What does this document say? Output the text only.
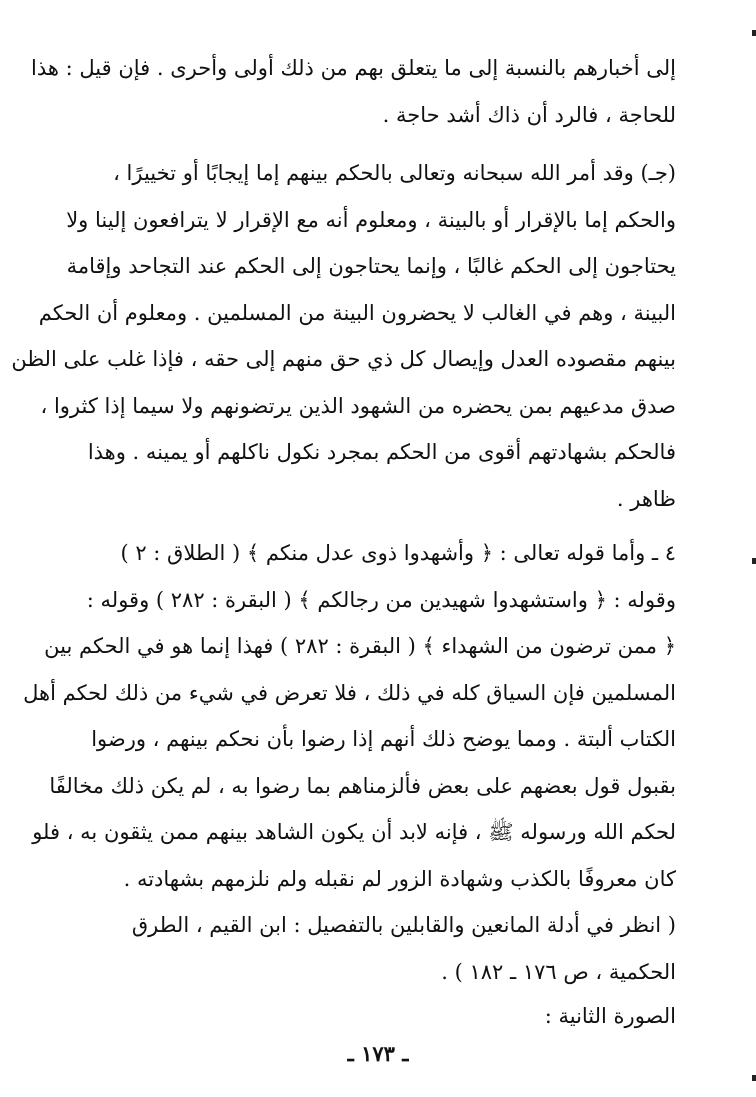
إلى أخبارهم بالنسبة إلى ما يتعلق بهم من ذلك أولى وأحرى . فإن قيل : هذا
للحاجة ، فالرد أن ذاك أشد حاجة .

(جـ) وقد أمر الله سبحانه وتعالى بالحكم بينهم إما إيجابًا أو تخييرًا ،
والحكم إما بالإقرار أو بالبينة ، ومعلوم أنه مع الإقرار لا يترافعون إلينا ولا
يحتاجون إلى الحكم غالبًا ، وإنما يحتاجون إلى الحكم عند التجاحد وإقامة
البينة ، وهم في الغالب لا يحضرون البينة من المسلمين . ومعلوم أن الحكم
بينهم مقصوده العدل وإيصال كل ذي حق منهم إلى حقه ، فإذا غلب على الظن
صدق مدعيهم بمن يحضره من الشهود الذين يرتضونهم ولا سيما إذا كثروا ،
فالحكم بشهادتهم أقوى من الحكم بمجرد نكول ناكلهم أو يمينه . وهذا
ظاهر .

٤ ـ وأما قوله تعالى : ﴿ وأشهدوا ذوى عدل منكم ﴾ ( الطلاق : ٢ )
وقوله : ﴿ واستشهدوا شهيدين من رجالكم ﴾ ( البقرة : ٢٨٢ ) وقوله :
﴿ ممن ترضون من الشهداء ﴾ ( البقرة : ٢٨٢ ) فهذا إنما هو في الحكم بين
المسلمين فإن السياق كله في ذلك ، فلا تعرض في شيء من ذلك لحكم أهل
الكتاب ألبتة . ومما يوضح ذلك أنهم إذا رضوا بأن نحكم بينهم ، ورضوا
بقبول قول بعضهم على بعض فألزمناهم بما رضوا به ، لم يكن ذلك مخالفًا
لحكم الله ورسوله ﷺ ، فإنه لابد أن يكون الشاهد بينهم ممن يثقون به ، فلو
كان معروفًا بالكذب وشهادة الزور لم نقبله ولم نلزمهم بشهادته .

( انظر في أدلة المانعين والقابلين بالتفصيل : ابن القيم ، الطرق
الحكمية ، ص ١٧٦ ـ ١٨٢ ) .

الصورة الثانية :

ـ ١٧٣ ـ
